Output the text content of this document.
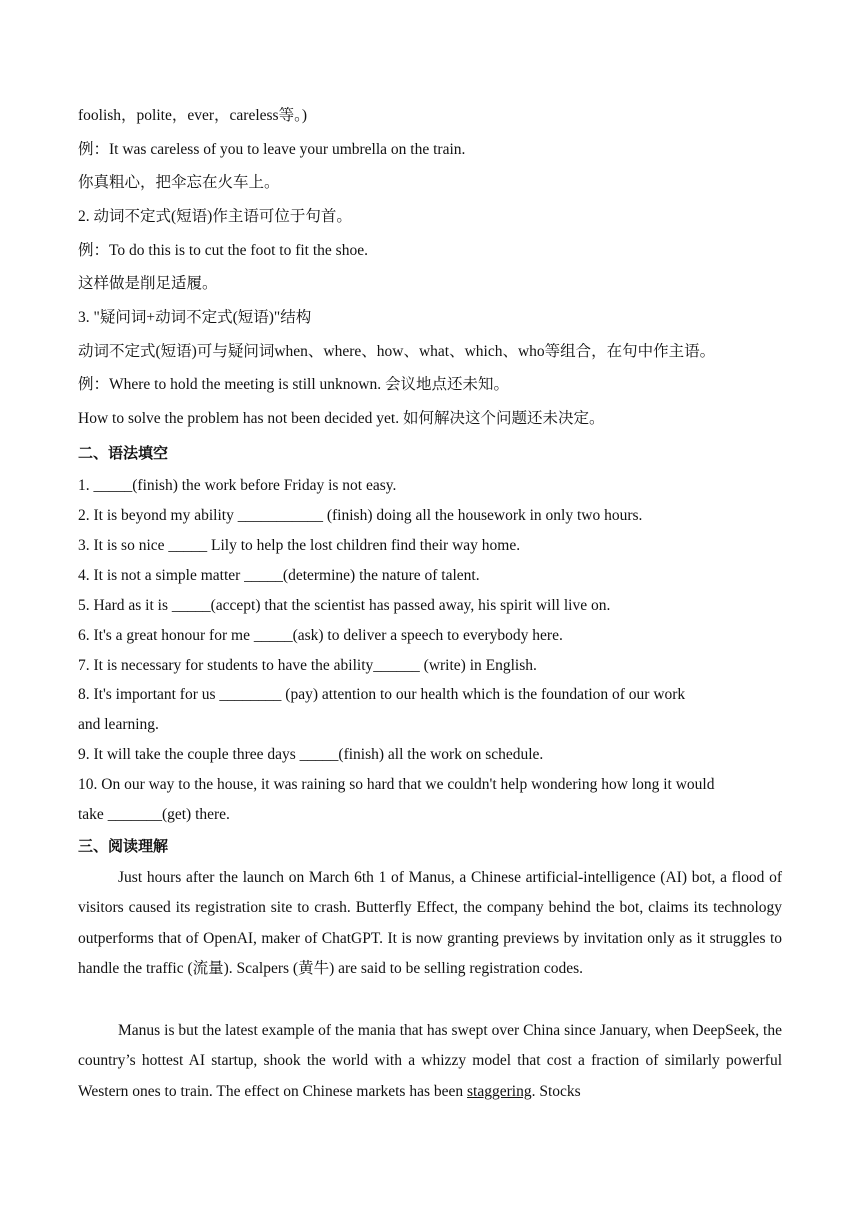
foolish，polite，ever，careless等。)
例：It was careless of you to leave your umbrella on the train.
你真粗心，把伞忘在火车上。
2. 动词不定式(短语)作主语可位于句首。
例：To do this is to cut the foot to fit the shoe.
这样做是削足适履。
3. "疑问词+动词不定式(短语)"结构
动词不定式(短语)可与疑问词when、where、how、what、which、who等组合，在句中作主语。
例：Where to hold the meeting is still unknown. 会议地点还未知。
How to solve the problem has not been decided yet. 如何解决这个问题还未决定。
二、语法填空
1. _____(finish) the work before Friday is not easy.
2. It is beyond my ability ___________ (finish) doing all the housework in only two hours.
3. It is so nice _____ Lily to help the lost children find their way home.
4. It is not a simple matter _____(determine) the nature of talent.
5. Hard as it is _____(accept) that the scientist has passed away, his spirit will live on.
6. It's a great honour for me _____(ask) to deliver a speech to everybody here.
7. It is necessary for students to have the ability______ (write) in English.
8. It's important for us ________ (pay) attention to our health which is the foundation of our work
and learning.
9. It will take the couple three days _____(finish) all the work on schedule.
10. On our way to the house, it was raining so hard that we couldn't help wondering how long it would
take _______(get) there.
三、阅读理解
Just hours after the launch on March 6th 1 of Manus, a Chinese artificial-intelligence (AI) bot, a flood of visitors caused its registration site to crash. Butterfly Effect, the company behind the bot, claims its technology outperforms that of OpenAI, maker of ChatGPT. It is now granting previews by invitation only as it struggles to handle the traffic (流量). Scalpers (黄牛) are said to be selling registration codes.
Manus is but the latest example of the mania that has swept over China since January, when DeepSeek, the country’s hottest AI startup, shook the world with a whizzy model that cost a fraction of similarly powerful Western ones to train. The effect on Chinese markets has been staggering. Stocks
